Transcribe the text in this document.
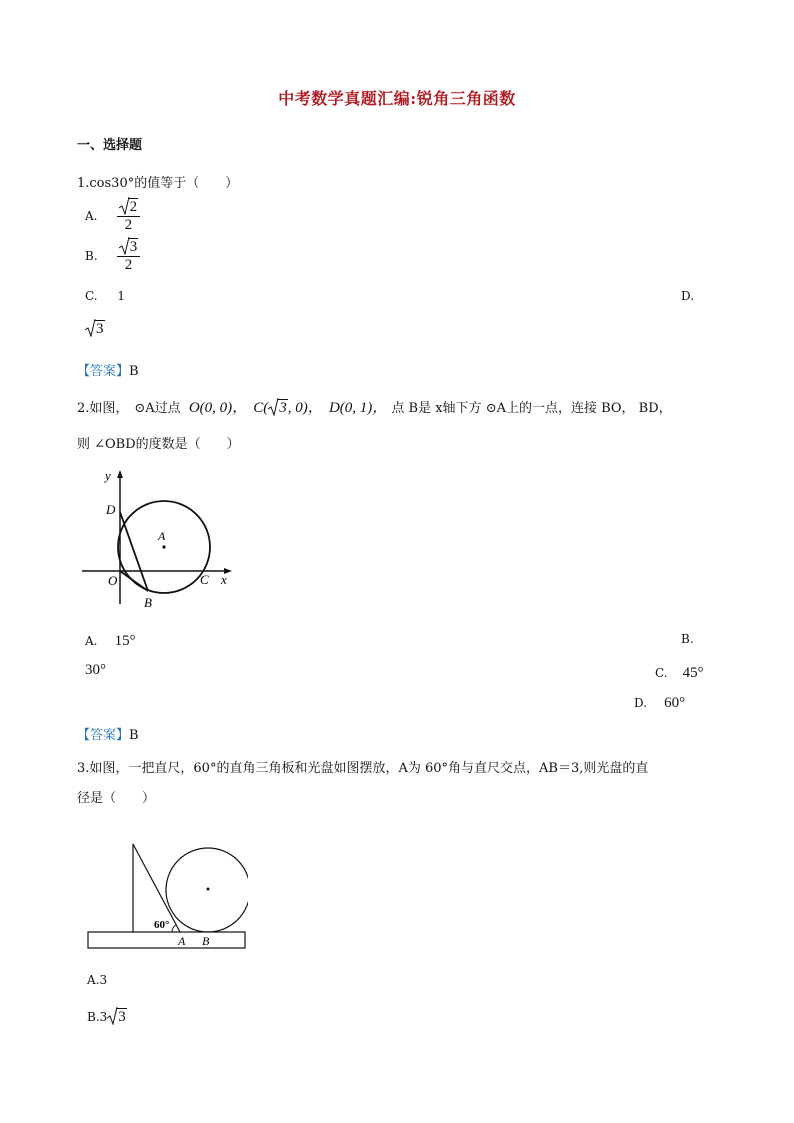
中考数学真题汇编:锐角三角函数
一、选择题
1.cos30°的值等于（　　）
A. $\frac{2}{2}$
B. $\frac{3}{2}$
C. 1	D.
3
【答案】B
2.如图， ⊙A过点 O(0, 0)， C( 3, 0)， D(0, 1)， 点 B是 x轴下方 ⊙A上的一点，连接 BO， BD，
则 ∠OBD的度数是（　　）
y
D
A
O	C x
B
A. 15°	B.
30°	C. 45°
D. 60°
【答案】B
3.如图，一把直尺，60°的直角三角板和光盘如图摆放，A为 60°角与直尺交点，AB＝3,则光盘的直
径是（　　）
60°
A B
A.3
B.3 3
